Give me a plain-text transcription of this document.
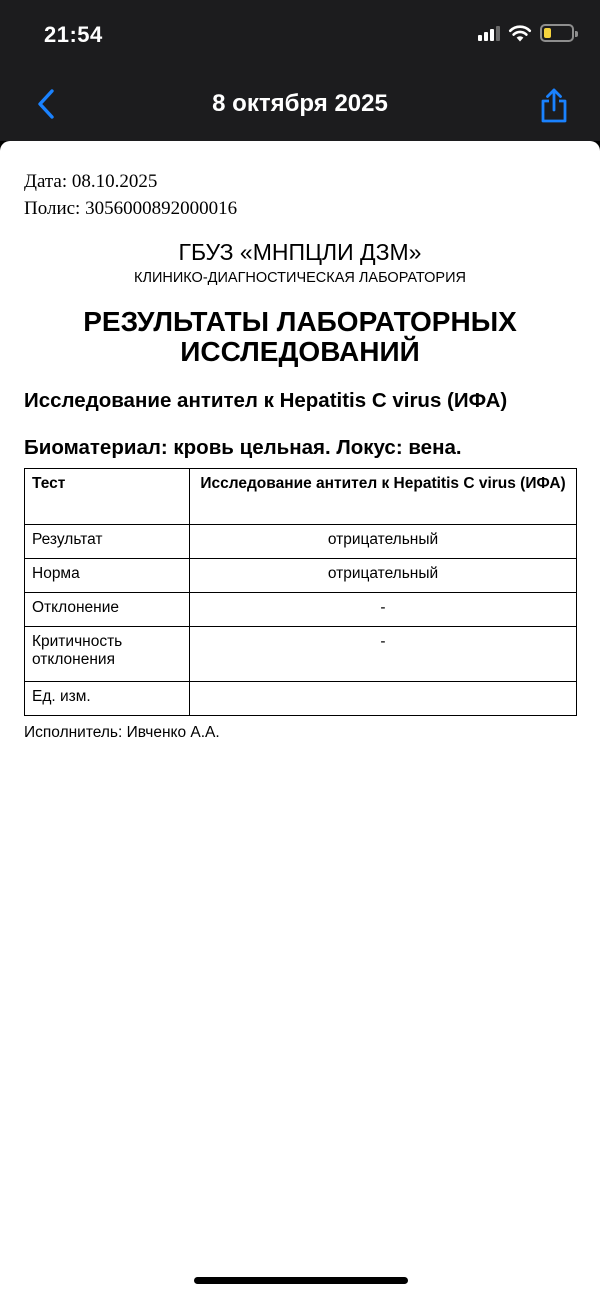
21:54
8 октября 2025
Дата: 08.10.2025
Полис: 3056000892000016
ГБУЗ «МНПЦЛИ ДЗМ»
КЛИНИКО-ДИАГНОСТИЧЕСКАЯ ЛАБОРАТОРИЯ
РЕЗУЛЬТАТЫ ЛАБОРАТОРНЫХ
ИССЛЕДОВАНИЙ
Исследование антител к Hepatitis C virus (ИФА)
Биоматериал: кровь цельная. Локус: вена.
Тест	Исследование антител к Hepatitis C virus (ИФА)
Результат	отрицательный
Норма	отрицательный
Отклонение	-
Критичность отклонения	-
Ед. изм.	
Исполнитель: Ивченко А.А.
